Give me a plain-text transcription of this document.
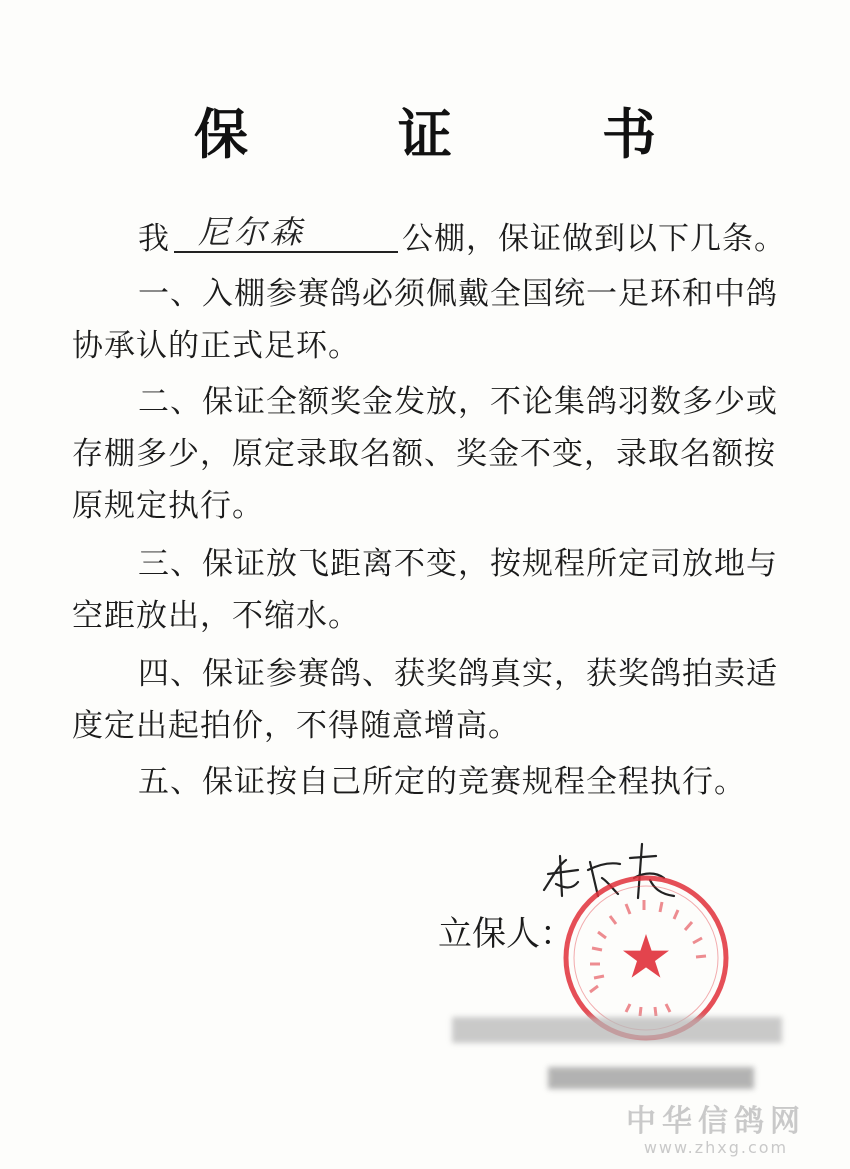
保　证　书
我 尼尔森	公棚，保证做到以下几条。
一、入棚参赛鸽必须佩戴全国统一足环和中鸽
协承认的正式足环。
二、保证全额奖金发放，不论集鸽羽数多少或
存棚多少，原定录取名额、奖金不变，录取名额按
原规定执行。
三、保证放飞距离不变，按规程所定司放地与
空距放出，不缩水。
四、保证参赛鸽、获奖鸽真实，获奖鸽拍卖适
度定出起拍价，不得随意增高。
五、保证按自己所定的竞赛规程全程执行。
立保人：
中华信鸽网
www.zhxg.com
